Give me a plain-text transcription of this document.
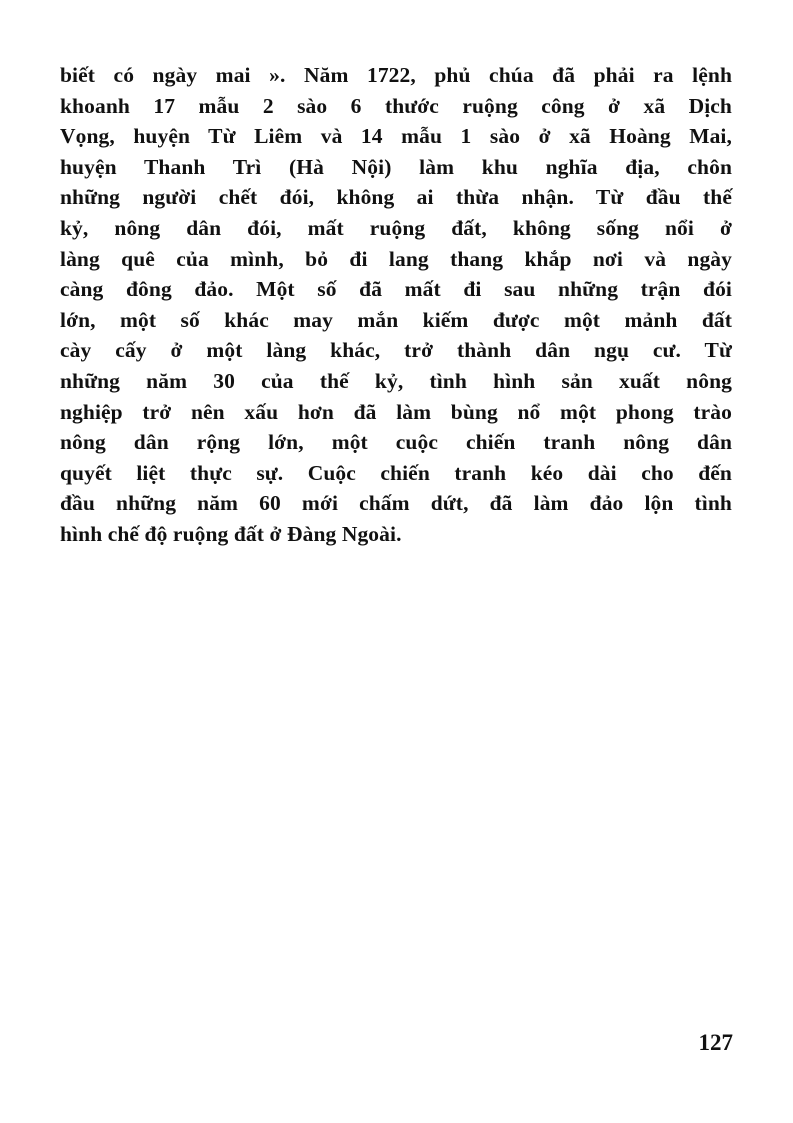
biết có ngày mai ». Năm 1722, phủ chúa đã phải ra lệnh
khoanh 17 mẫu 2 sào 6 thước ruộng công ở xã Dịch
Vọng, huyện Từ Liêm và 14 mẫu 1 sào ở xã Hoàng Mai,
huyện Thanh Trì (Hà Nội) làm khu nghĩa địa, chôn
những người chết đói, không ai thừa nhận. Từ đầu thế
kỷ, nông dân đói, mất ruộng đất, không sống nổi ở
làng quê của mình, bỏ đi lang thang khắp nơi và ngày
càng đông đảo. Một số đã mất đi sau những trận đói
lớn, một số khác may mắn kiếm được một mảnh đất
cày cấy ở một làng khác, trở thành dân ngụ cư. Từ
những năm 30 của thế kỷ, tình hình sản xuất nông
nghiệp trở nên xấu hơn đã làm bùng nổ một phong trào
nông dân rộng lớn, một cuộc chiến tranh nông dân
quyết liệt thực sự. Cuộc chiến tranh kéo dài cho đến
đầu những năm 60 mới chấm dứt, đã làm đảo lộn tình
hình chế độ ruộng đất ở Đàng Ngoài.
127
